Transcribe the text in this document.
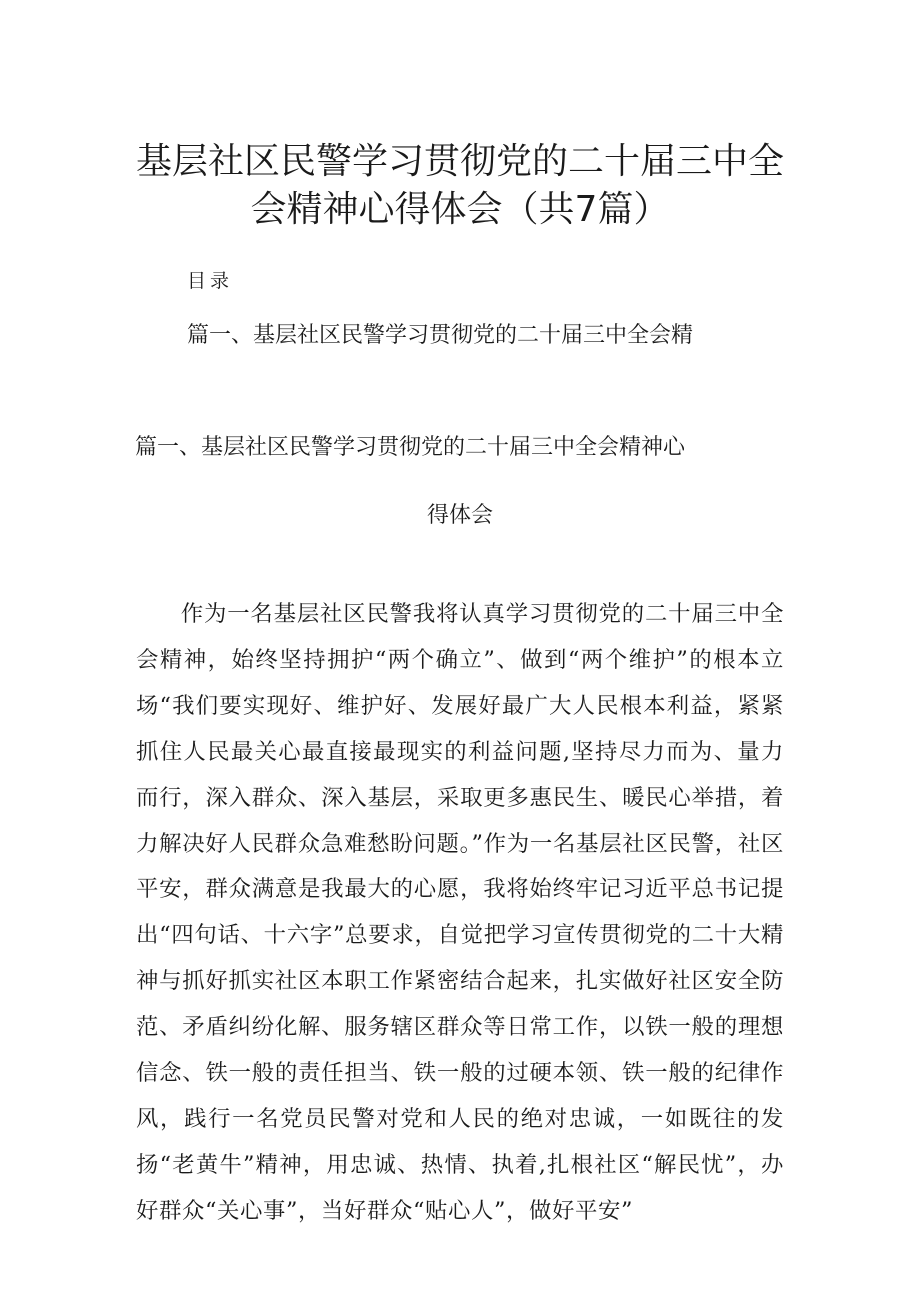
基层社区民警学习贯彻党的二十届三中全
会精神心得体会（共7篇）
目录
篇一、基层社区民警学习贯彻党的二十届三中全会精
篇一、基层社区民警学习贯彻党的二十届三中全会精神心
得体会
作为一名基层社区民警我将认真学习贯彻党的二十届三中全会精神，始终坚持拥护“两个确立”、做到“两个维护”的根本立场“我们要实现好、维护好、发展好最广大人民根本利益，紧紧抓住人民最关心最直接最现实的利益问题,坚持尽力而为、量力而行，深入群众、深入基层，采取更多惠民生、暖民心举措，着力解决好人民群众急难愁盼问题。”作为一名基层社区民警，社区平安，群众满意是我最大的心愿，我将始终牢记习近平总书记提出“四句话、十六字”总要求，自觉把学习宣传贯彻党的二十大精神与抓好抓实社区本职工作紧密结合起来，扎实做好社区安全防范、矛盾纠纷化解、服务辖区群众等日常工作，以铁一般的理想信念、铁一般的责任担当、铁一般的过硬本领、铁一般的纪律作风，践行一名党员民警对党和人民的绝对忠诚，一如既往的发扬“老黄牛”精神，用忠诚、热情、执着,扎根社区“解民忧”，办好群众“关心事”，当好群众“贴心人”，做好平安”
